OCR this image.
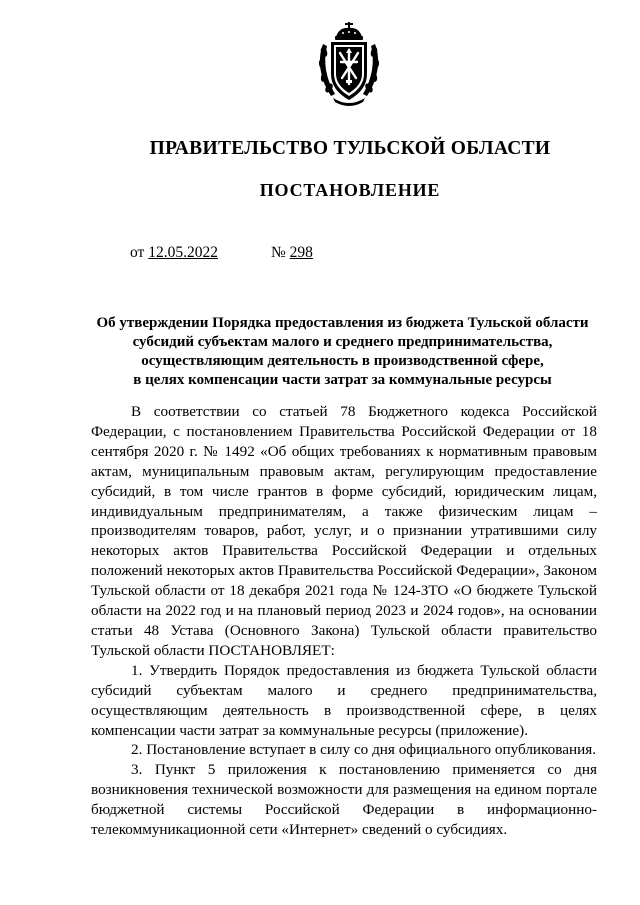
ПРАВИТЕЛЬСТВО ТУЛЬСКОЙ ОБЛАСТИ
ПОСТАНОВЛЕНИЕ
от 12.05.2022	№ 298
Об утверждении Порядка предоставления из бюджета Тульской области
субсидий субъектам малого и среднего предпринимательства,
осуществляющим деятельность в производственной сфере,
в целях компенсации части затрат за коммунальные ресурсы

В соответствии со статьей 78 Бюджетного кодекса Российской Федерации, с постановлением Правительства Российской Федерации от 18 сентября 2020 г. № 1492 «Об общих требованиях к нормативным правовым актам, муниципальным правовым актам, регулирующим предоставление субсидий, в том числе грантов в форме субсидий, юридическим лицам, индивидуальным предпринимателям, а также физическим лицам – производителям товаров, работ, услуг, и о признании утратившими силу некоторых актов Правительства Российской Федерации и отдельных положений некоторых актов Правительства Российской Федерации», Законом Тульской области от 18 декабря 2021 года № 124-ЗТО «О бюджете Тульской области на 2022 год и на плановый период 2023 и 2024 годов», на основании статьи 48 Устава (Основного Закона) Тульской области правительство Тульской области ПОСТАНОВЛЯЕТ:

1. Утвердить Порядок предоставления из бюджета Тульской области субсидий субъектам малого и среднего предпринимательства, осуществляющим деятельность в производственной сфере, в целях компенсации части затрат за коммунальные ресурсы (приложение).

2. Постановление вступает в силу со дня официального опубликования.

3. Пункт 5 приложения к постановлению применяется со дня возникновения технической возможности для размещения на едином портале бюджетной системы Российской Федерации в информационно-телекоммуникационной сети «Интернет» сведений о субсидиях.
